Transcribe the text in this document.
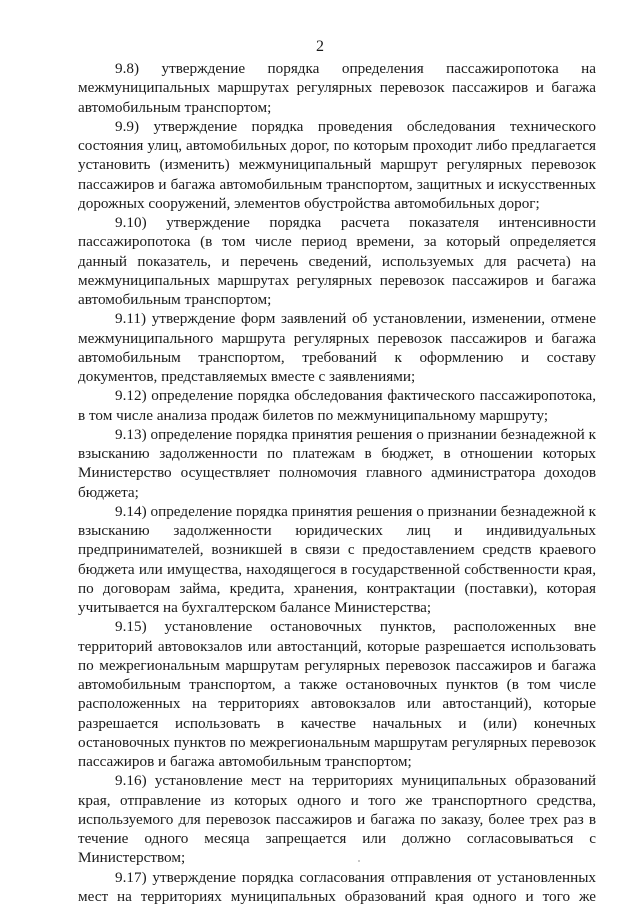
2

9.8) утверждение порядка определения пассажиропотока на межмуниципальных маршрутах регулярных перевозок пассажиров и багажа автомобильным транспортом;

9.9) утверждение порядка проведения обследования технического состояния улиц, автомобильных дорог, по которым проходит либо предлагается установить (изменить) межмуниципальный маршрут регулярных перевозок пассажиров и багажа автомобильным транспортом, защитных и искусственных дорожных сооружений, элементов обустройства автомобильных дорог;

9.10) утверждение порядка расчета показателя интенсивности пассажиропотока (в том числе период времени, за который определяется данный показатель, и перечень сведений, используемых для расчета) на межмуниципальных маршрутах регулярных перевозок пассажиров и багажа автомобильным транспортом;

9.11) утверждение форм заявлений об установлении, изменении, отмене межмуниципального маршрута регулярных перевозок пассажиров и багажа автомобильным транспортом, требований к оформлению и составу документов, представляемых вместе с заявлениями;

9.12) определение порядка обследования фактического пассажиропотока, в том числе анализа продаж билетов по межмуниципальному маршруту;

9.13) определение порядка принятия решения о признании безнадежной к взысканию задолженности по платежам в бюджет, в отношении которых Министерство осуществляет полномочия главного администратора доходов бюджета;

9.14) определение порядка принятия решения о признании безнадежной к взысканию задолженности юридических лиц и индивидуальных предпринимателей, возникшей в связи с предоставлением средств краевого бюджета или имущества, находящегося в государственной собственности края, по договорам займа, кредита, хранения, контрактации (поставки), которая учитывается на бухгалтерском балансе Министерства;

9.15) установление остановочных пунктов, расположенных вне территорий автовокзалов или автостанций, которые разрешается использовать по межрегиональным маршрутам регулярных перевозок пассажиров и багажа автомобильным транспортом, а также остановочных пунктов (в том числе расположенных на территориях автовокзалов или автостанций), которые разрешается использовать в качестве начальных и (или) конечных остановочных пунктов по межрегиональным маршрутам регулярных перевозок пассажиров и багажа автомобильным транспортом;

9.16) установление мест на территориях муниципальных образований края, отправление из которых одного и того же транспортного средства, используемого для перевозок пассажиров и багажа по заказу, более трех раз в течение одного месяца запрещается или должно согласовываться с Министерством;

9.17) утверждение порядка согласования отправления от установленных мест на территориях муниципальных образований края одного и того же
